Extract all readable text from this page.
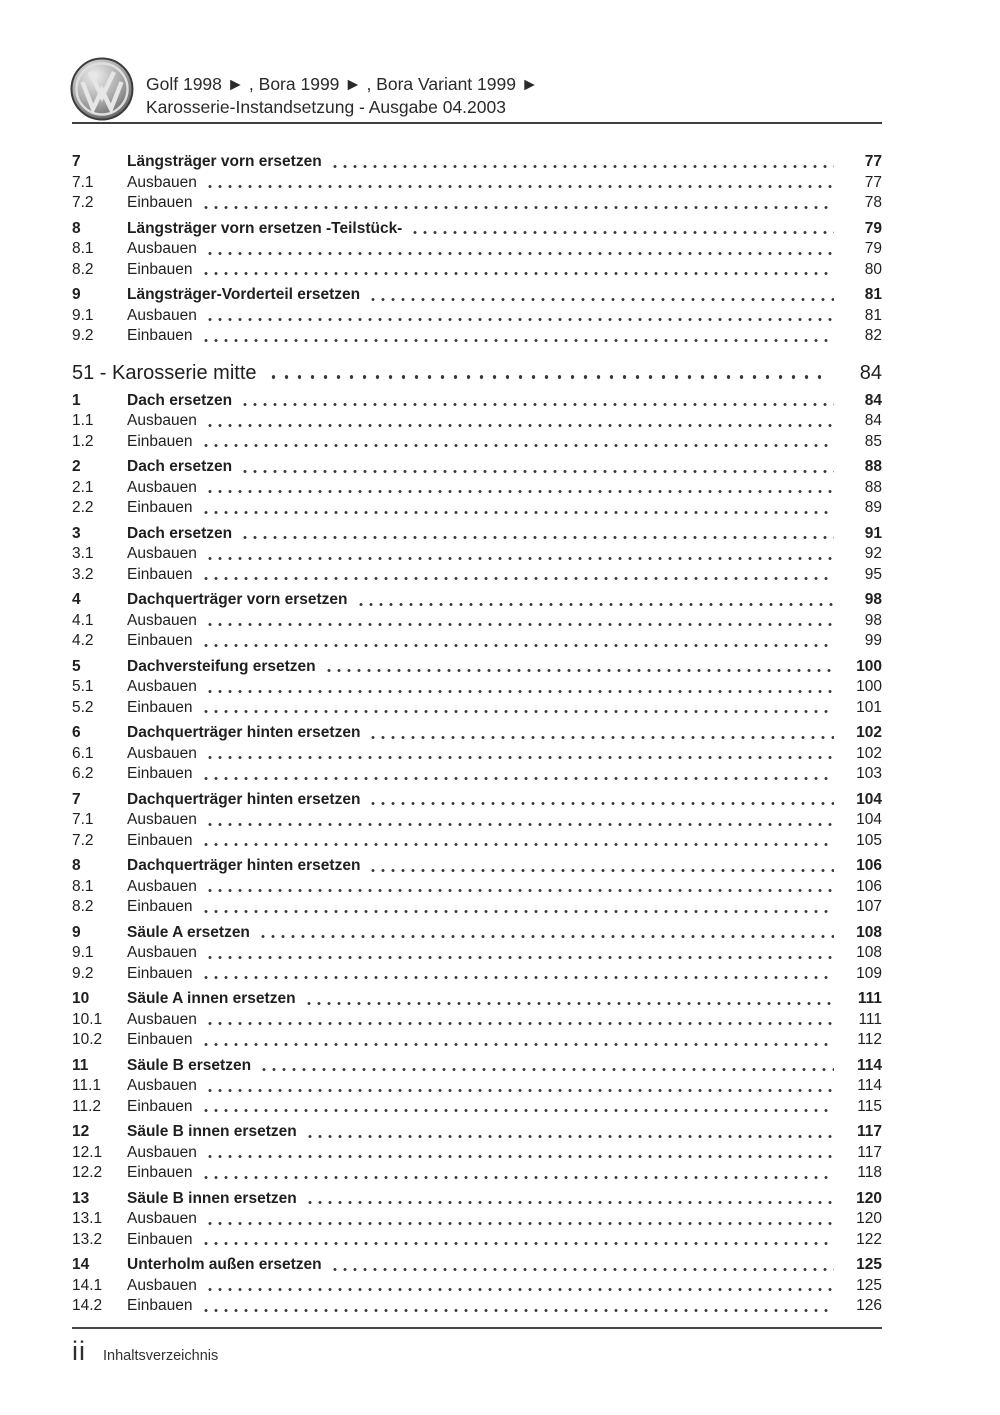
Golf 1998 ► , Bora 1999 ► , Bora Variant 1999 ►
Karosserie-Instandsetzung - Ausgabe 04.2003
7	Längsträger vorn ersetzen	77
7.1	Ausbauen	77
7.2	Einbauen	78
8	Längsträger vorn ersetzen -Teilstück-	79
8.1	Ausbauen	79
8.2	Einbauen	80
9	Längsträger-Vorderteil ersetzen	81
9.1	Ausbauen	81
9.2	Einbauen	82
51 - Karosserie mitte	84
1	Dach ersetzen	84
1.1	Ausbauen	84
1.2	Einbauen	85
2	Dach ersetzen	88
2.1	Ausbauen	88
2.2	Einbauen	89
3	Dach ersetzen	91
3.1	Ausbauen	92
3.2	Einbauen	95
4	Dachquerträger vorn ersetzen	98
4.1	Ausbauen	98
4.2	Einbauen	99
5	Dachversteifung ersetzen	100
5.1	Ausbauen	100
5.2	Einbauen	101
6	Dachquerträger hinten ersetzen	102
6.1	Ausbauen	102
6.2	Einbauen	103
7	Dachquerträger hinten ersetzen	104
7.1	Ausbauen	104
7.2	Einbauen	105
8	Dachquerträger hinten ersetzen	106
8.1	Ausbauen	106
8.2	Einbauen	107
9	Säule A ersetzen	108
9.1	Ausbauen	108
9.2	Einbauen	109
10	Säule A innen ersetzen	111
10.1	Ausbauen	111
10.2	Einbauen	112
11	Säule B ersetzen	114
11.1	Ausbauen	114
11.2	Einbauen	115
12	Säule B innen ersetzen	117
12.1	Ausbauen	117
12.2	Einbauen	118
13	Säule B innen ersetzen	120
13.1	Ausbauen	120
13.2	Einbauen	122
14	Unterholm außen ersetzen	125
14.1	Ausbauen	125
14.2	Einbauen	126
ii Inhaltsverzeichnis
